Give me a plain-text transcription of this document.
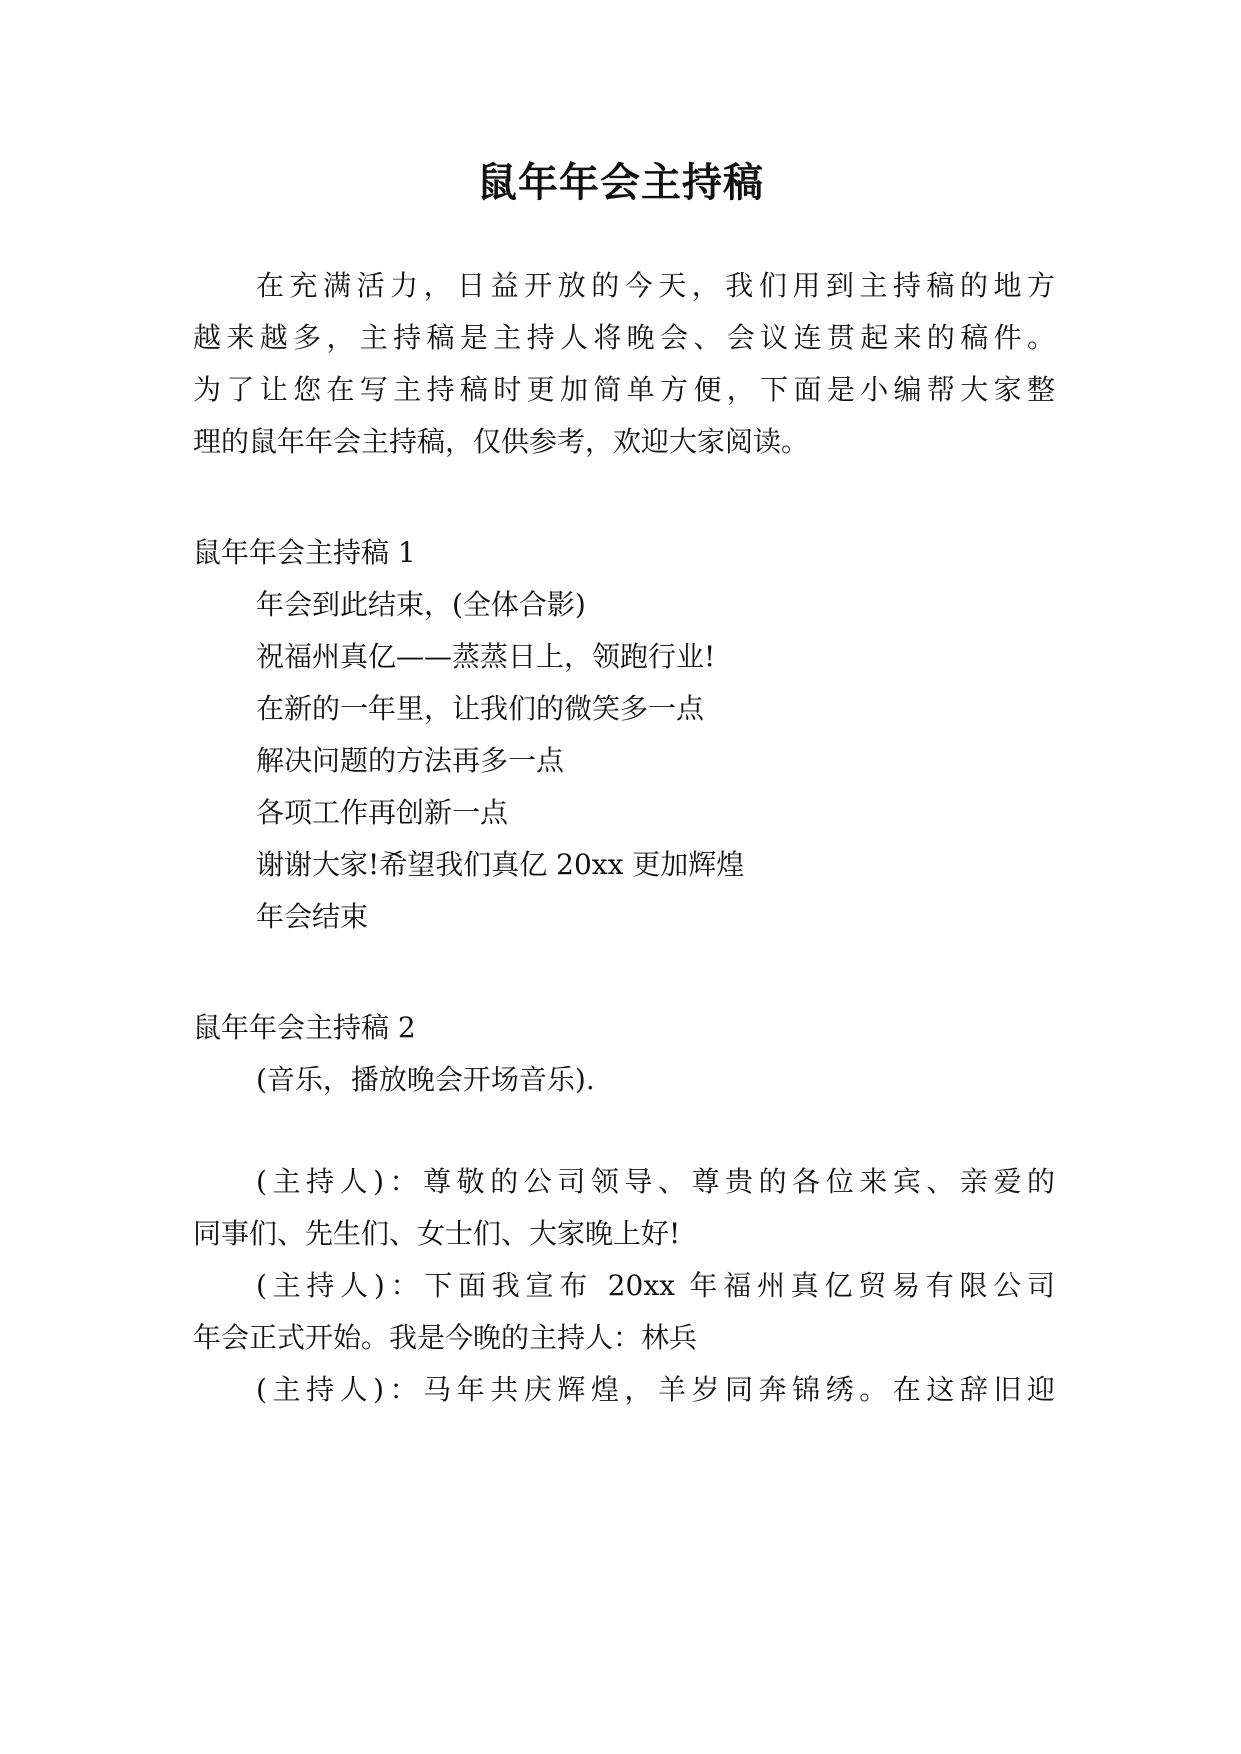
鼠年年会主持稿

在充满活力，日益开放的今天，我们用到主持稿的地方

越来越多，主持稿是主持人将晚会、会议连贯起来的稿件。

为了让您在写主持稿时更加简单方便，下面是小编帮大家整

理的鼠年年会主持稿，仅供参考，欢迎大家阅读。

鼠年年会主持稿 1

年会到此结束，(全体合影)

祝福州真亿——蒸蒸日上，领跑行业!

在新的一年里，让我们的微笑多一点

解决问题的方法再多一点

各项工作再创新一点

谢谢大家!希望我们真亿 20xx 更加辉煌

年会结束

鼠年年会主持稿 2

(音乐，播放晚会开场音乐).

(主持人)：尊敬的公司领导、尊贵的各位来宾、亲爱的

同事们、先生们、女士们、大家晚上好!

(主持人)：下面我宣布 20xx 年福州真亿贸易有限公司

年会正式开始。我是今晚的主持人：林兵

(主持人)：马年共庆辉煌，羊岁同奔锦绣。在这辞旧迎
